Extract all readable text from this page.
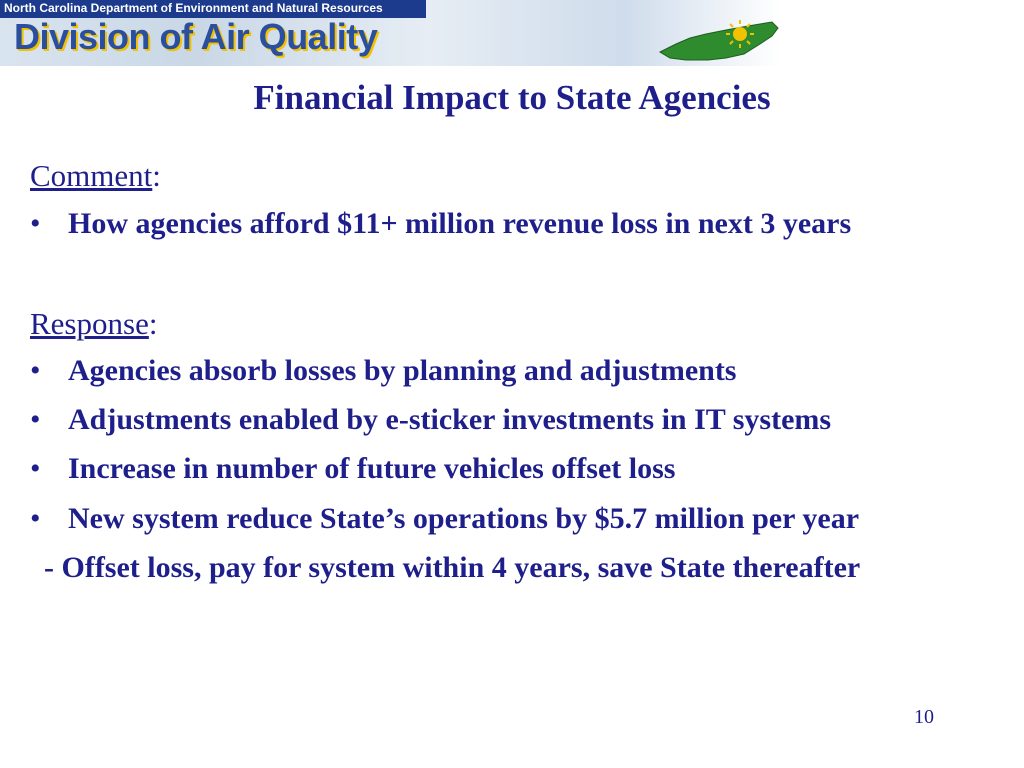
North Carolina Department of Environment and Natural Resources
Division of Air Quality
Financial Impact to State Agencies
Comment:
• How agencies afford $11+ million revenue loss in next 3 years
Response:
• Agencies absorb losses by planning and adjustments
• Adjustments enabled by e-sticker investments in IT systems
• Increase in number of future vehicles offset loss
• New system reduce State’s operations by $5.7 million per year
- Offset loss, pay for system within 4 years, save State thereafter
10
